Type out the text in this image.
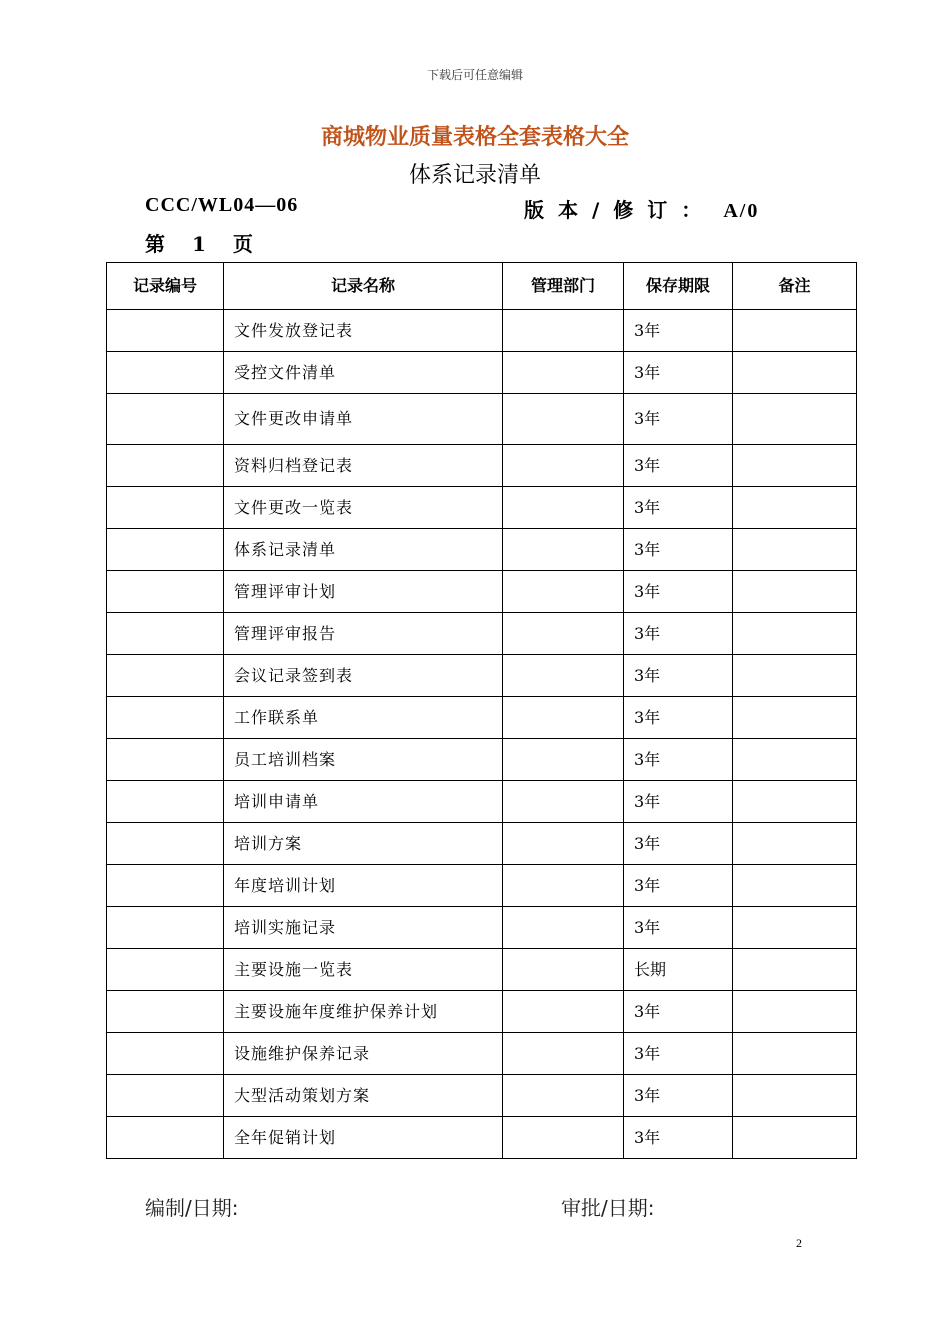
下载后可任意编辑
商城物业质量表格全套表格大全
体系记录清单
CCC/WL04—06	版本/修订： A/0
第 1 页
记录编号	记录名称	管理部门	保存期限	备注
	文件发放登记表		3年	
	受控文件清单		3年	
	文件更改申请单		3年	
	资料归档登记表		3年	
	文件更改一览表		3年	
	体系记录清单		3年	
	管理评审计划		3年	
	管理评审报告		3年	
	会议记录签到表		3年	
	工作联系单		3年	
	员工培训档案		3年	
	培训申请单		3年	
	培训方案		3年	
	年度培训计划		3年	
	培训实施记录		3年	
	主要设施一览表		长期	
	主要设施年度维护保养计划		3年	
	设施维护保养记录		3年	
	大型活动策划方案		3年	
	全年促销计划		3年	
编制/日期:	审批/日期:
2
